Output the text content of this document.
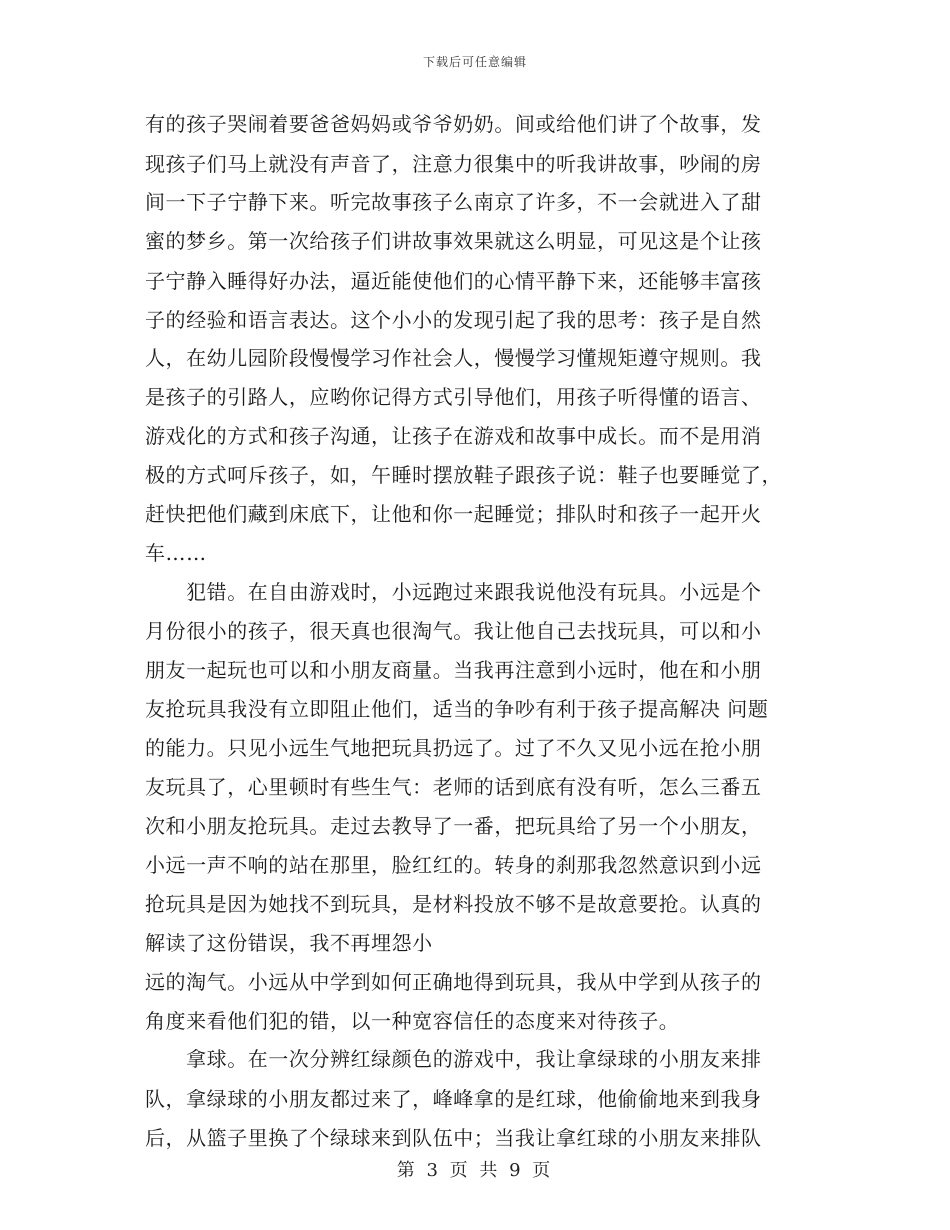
下载后可任意编辑
有的孩子哭闹着要爸爸妈妈或爷爷奶奶。间或给他们讲了个故事，发
现孩子们马上就没有声音了，注意力很集中的听我讲故事，吵闹的房
间一下子宁静下来。听完故事孩子么南京了许多，不一会就进入了甜
蜜的梦乡。第一次给孩子们讲故事效果就这么明显，可见这是个让孩
子宁静入睡得好办法，逼近能使他们的心情平静下来，还能够丰富孩
子的经验和语言表达。这个小小的发现引起了我的思考：孩子是自然
人，在幼儿园阶段慢慢学习作社会人，慢慢学习懂规矩遵守规则。我
是孩子的引路人，应哟你记得方式引导他们，用孩子听得懂的语言、
游戏化的方式和孩子沟通，让孩子在游戏和故事中成长。而不是用消
极的方式呵斥孩子，如，午睡时摆放鞋子跟孩子说：鞋子也要睡觉了，
赶快把他们藏到床底下，让他和你一起睡觉；排队时和孩子一起开火
车……
　　犯错。在自由游戏时，小远跑过来跟我说他没有玩具。小远是个
月份很小的孩子，很天真也很淘气。我让他自己去找玩具，可以和小
朋友一起玩也可以和小朋友商量。当我再注意到小远时，他在和小朋
友抢玩具我没有立即阻止他们，适当的争吵有利于孩子提高解决 问题
的能力。只见小远生气地把玩具扔远了。过了不久又见小远在抢小朋
友玩具了，心里顿时有些生气：老师的话到底有没有听，怎么三番五
次和小朋友抢玩具。走过去教导了一番，把玩具给了另一个小朋友，
小远一声不响的站在那里，脸红红的。转身的刹那我忽然意识到小远
抢玩具是因为她找不到玩具，是材料投放不够不是故意要抢。认真的
解读了这份错误，我不再埋怨小
远的淘气。小远从中学到如何正确地得到玩具，我从中学到从孩子的
角度来看他们犯的错，以一种宽容信任的态度来对待孩子。
　　拿球。在一次分辨红绿颜色的游戏中，我让拿绿球的小朋友来排
队，拿绿球的小朋友都过来了，峰峰拿的是红球，他偷偷地来到我身
后，从篮子里换了个绿球来到队伍中；当我让拿红球的小朋友来排队
第 3 页 共 9 页
